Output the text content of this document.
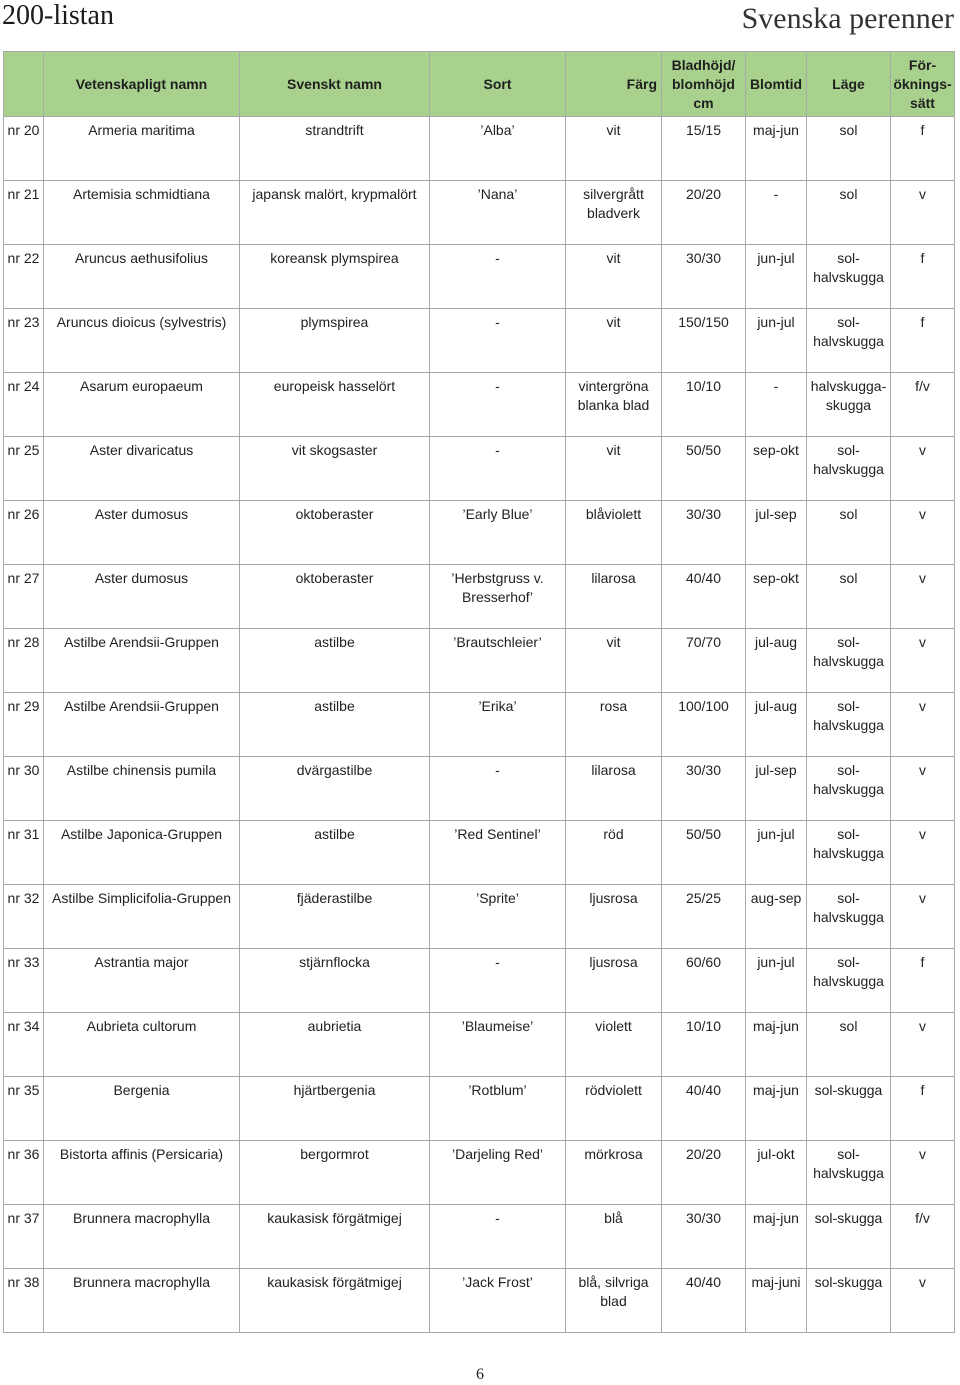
200-listan	Svenska perenner
	Vetenskapligt namn	Svenskt namn	Sort	Färg	Bladhöjd/ blomhöjd cm	Blomtid	Läge	För- öknings- sätt
nr 20	Armeria maritima	strandtrift	’Alba’	vit	15/15	maj-jun	sol	f
nr 21	Artemisia schmidtiana	japansk malört, krypmalört	’Nana’	silvergrått bladverk	20/20	-	sol	v
nr 22	Aruncus aethusifolius	koreansk plymspirea	-	vit	30/30	jun-jul	sol- halvskugga	f
nr 23	Aruncus dioicus (sylvestris)	plymspirea	-	vit	150/150	jun-jul	sol- halvskugga	f
nr 24	Asarum europaeum	europeisk hasselört	-	vintergröna blanka blad	10/10	-	halvskugga- skugga	f/v
nr 25	Aster divaricatus	vit skogsaster	-	vit	50/50	sep-okt	sol- halvskugga	v
nr 26	Aster dumosus	oktoberaster	’Early Blue’	blåviolett	30/30	jul-sep	sol	v
nr 27	Aster dumosus	oktoberaster	’Herbstgruss v. Bresserhof’	lilarosa	40/40	sep-okt	sol	v
nr 28	Astilbe Arendsii-Gruppen	astilbe	’Brautschleier’	vit	70/70	jul-aug	sol- halvskugga	v
nr 29	Astilbe Arendsii-Gruppen	astilbe	’Erika’	rosa	100/100	jul-aug	sol- halvskugga	v
nr 30	Astilbe chinensis pumila	dvärgastilbe	-	lilarosa	30/30	jul-sep	sol- halvskugga	v
nr 31	Astilbe Japonica-Gruppen	astilbe	’Red Sentinel’	röd	50/50	jun-jul	sol- halvskugga	v
nr 32	Astilbe Simplicifolia-Gruppen	fjäderastilbe	’Sprite’	ljusrosa	25/25	aug-sep	sol- halvskugga	v
nr 33	Astrantia major	stjärnflocka	-	ljusrosa	60/60	jun-jul	sol- halvskugga	f
nr 34	Aubrieta cultorum	aubrietia	’Blaumeise’	violett	10/10	maj-jun	sol	v
nr 35	Bergenia	hjärtbergenia	’Rotblum’	rödviolett	40/40	maj-jun	sol-skugga	f
nr 36	Bistorta affinis (Persicaria)	bergormrot	’Darjeling Red’	mörkrosa	20/20	jul-okt	sol- halvskugga	v
nr 37	Brunnera macrophylla	kaukasisk förgätmigej	-	blå	30/30	maj-jun	sol-skugga	f/v
nr 38	Brunnera macrophylla	kaukasisk förgätmigej	’Jack Frost’	blå, silvriga blad	40/40	maj-juni	sol-skugga	v
6
